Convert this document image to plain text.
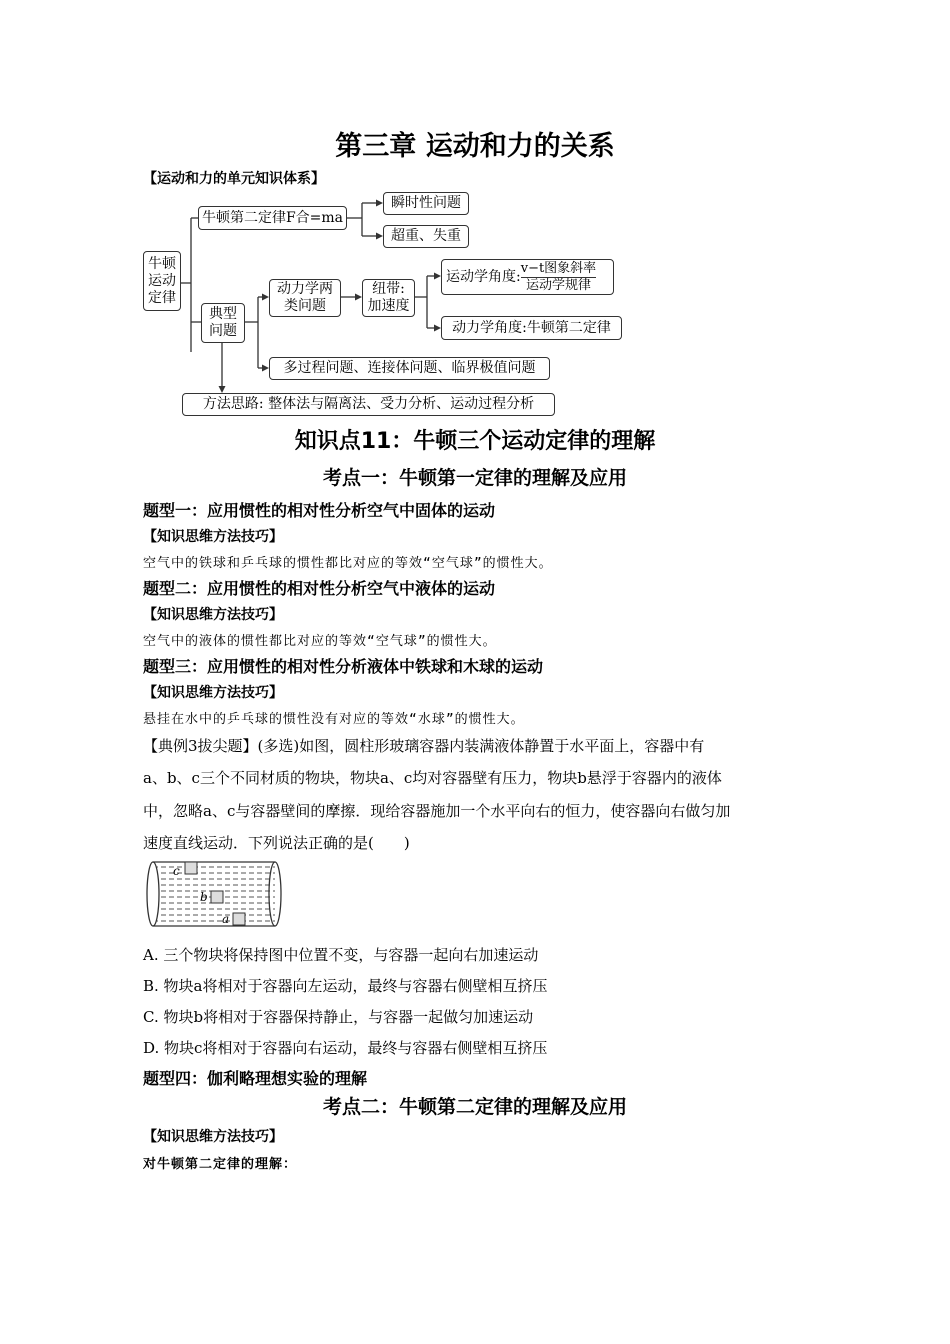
第三章 运动和力的关系
【运动和力的单元知识体系】
牛顿运动定律
牛顿第二定律F合=ma
瞬时性问题
超重、失重
典型问题
动力学两类问题
纽带:加速度
运动学角度:
v−t图象斜率
运动学规律
动力学角度:牛顿第二定律
多过程问题、连接体问题、临界极值问题
方法思路: 整体法与隔离法、受力分析、运动过程分析
知识点11：牛顿三个运动定律的理解
考点一：牛顿第一定律的理解及应用
题型一：应用惯性的相对性分析空气中固体的运动
【知识思维方法技巧】
空气中的铁球和乒乓球的惯性都比对应的等效“空气球”的惯性大。
题型二：应用惯性的相对性分析空气中液体的运动
【知识思维方法技巧】
空气中的液体的惯性都比对应的等效“空气球”的惯性大。
题型三：应用惯性的相对性分析液体中铁球和木球的运动
【知识思维方法技巧】
悬挂在水中的乒乓球的惯性没有对应的等效“水球”的惯性大。
【典例3拔尖题】(多选)如图，圆柱形玻璃容器内装满液体静置于水平面上，容器中有
a、b、c三个不同材质的物块，物块a、c均对容器壁有压力，物块b悬浮于容器内的液体
中，忽略a、c与容器壁间的摩擦．现给容器施加一个水平向右的恒力，使容器向右做匀加
速度直线运动．下列说法正确的是(　　)
c
b
a
A. 三个物块将保持图中位置不变，与容器一起向右加速运动
B. 物块a将相对于容器向左运动，最终与容器右侧壁相互挤压
C. 物块b将相对于容器保持静止，与容器一起做匀加速运动
D. 物块c将相对于容器向右运动，最终与容器右侧壁相互挤压
题型四：伽利略理想实验的理解
考点二：牛顿第二定律的理解及应用
【知识思维方法技巧】
对牛顿第二定律的理解：
